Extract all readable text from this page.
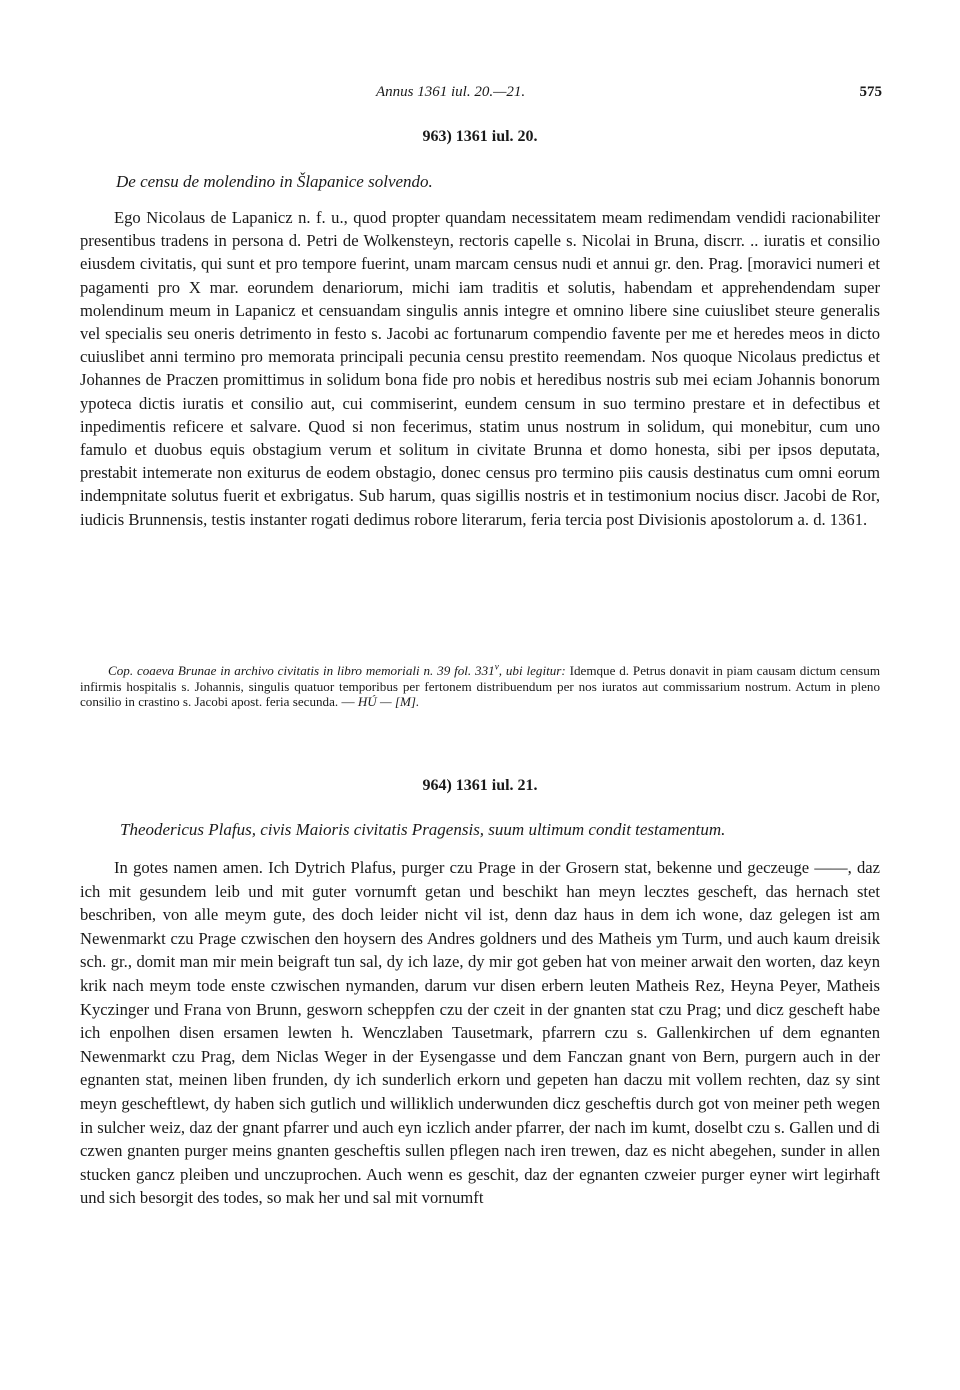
Annus 1361 iul. 20.—21.	575
963) 1361 iul. 20.
De censu de molendino in Šlapanice solvendo.

Ego Nicolaus de Lapanicz n. f. u., quod propter quandam necessitatem meam redimendam vendidi racionabiliter presentibus tradens in persona d. Petri de Wolkensteyn, rectoris capelle s. Nicolai in Bruna, discrr. .. iuratis et consilio eiusdem civitatis, qui sunt et pro tempore fuerint, unam marcam census nudi et annui gr. den. Prag. [moravici numeri et pagamenti pro X mar. eorundem denariorum, michi iam traditis et solutis, habendam et apprehendendam super molendinum meum in Lapanicz et censuandam singulis annis integre et omnino libere sine cuiuslibet steure generalis vel specialis seu oneris detrimento in festo s. Jacobi ac fortunarum compendio favente per me et heredes meos in dicto cuiuslibet anni termino pro memorata principali pecunia censu prestito reemendam. Nos quoque Nicolaus predictus et Johannes de Praczen promittimus in solidum bona fide pro nobis et heredibus nostris sub mei eciam Johannis bonorum ypoteca dictis iuratis et consilio aut, cui commiserint, eundem censum in suo termino prestare et in defectibus et inpedimentis reficere et salvare. Quod si non fecerimus, statim unus nostrum in solidum, qui monebitur, cum uno famulo et duobus equis obstagium verum et solitum in civitate Brunna et domo honesta, sibi per ipsos deputata, prestabit intemerate non exiturus de eodem obstagio, donec census pro termino piis causis destinatus cum omni eorum indempnitate solutus fuerit et exbrigatus. Sub harum, quas sigillis nostris et in testimonium nocius discr. Jacobi de Ror, iudicis Brunnensis, testis instanter rogati dedimus robore literarum, feria tercia post Divisionis apostolorum a. d. 1361.

Cop. coaeva Brunae in archivo civitatis in libro memoriali n. 39 fol. 331$^v$, ubi legitur: Idemque d. Petrus donavit in piam causam dictum censum infirmis hospitalis s. Johannis, singulis quatuor temporibus per fertonem distribuendum per nos iuratos aut commissarium nostrum. Actum in pleno consilio in crastino s. Jacobi apost. feria secunda. — HÚ — [M].

964) 1361 iul. 21.
Theodericus Plafus, civis Maioris civitatis Pragensis, suum ultimum condit testamentum.

In gotes namen amen. Ich Dytrich Plafus, purger czu Prage in der Grosern stat, bekenne und geczeuge ——, daz ich mit gesundem leib und mit guter vornumft getan und beschikt han meyn lecztes gescheft, das hernach stet beschriben, von alle meym gute, des doch leider nicht vil ist, denn daz haus in dem ich wone, daz gelegen ist am Newenmarkt czu Prage czwischen den hoysern des Andres goldners und des Matheis ym Turm, und auch kaum dreisik sch. gr., domit man mir mein beigraft tun sal, dy ich laze, dy mir got geben hat von meiner arwait den worten, daz keyn krik nach meym tode enste czwischen nymanden, darum vur disen erbern leuten Matheis Rez, Heyna Peyer, Matheis Kyczinger und Frana von Brunn, gesworn scheppfen czu der czeit in der gnanten stat czu Prag; und dicz gescheft habe ich enpolhen disen ersamen lewten h. Wenczlaben Tausetmark, pfarrern czu s. Gallenkirchen uf dem egnanten Newenmarkt czu Prag, dem Niclas Weger in der Eysengasse und dem Fanczan gnant von Bern, purgern auch in der egnanten stat, meinen liben frunden, dy ich sunderlich erkorn und gepeten han daczu mit vollem rechten, daz sy sint meyn gescheftlewt, dy haben sich gutlich und williklich underwunden dicz gescheftis durch got von meiner peth wegen in sulcher weiz, daz der gnant pfarrer und auch eyn iczlich ander pfarrer, der nach im kumt, doselbt czu s. Gallen und di czwen gnanten purger meins gnanten gescheftis sullen pflegen nach iren trewen, daz es nicht abegehen, sunder in allen stucken gancz pleiben und unczuprochen. Auch wenn es geschit, daz der egnanten czweier purger eyner wirt legirhaft und sich besorgit des todes, so mak her und sal mit vornumft
